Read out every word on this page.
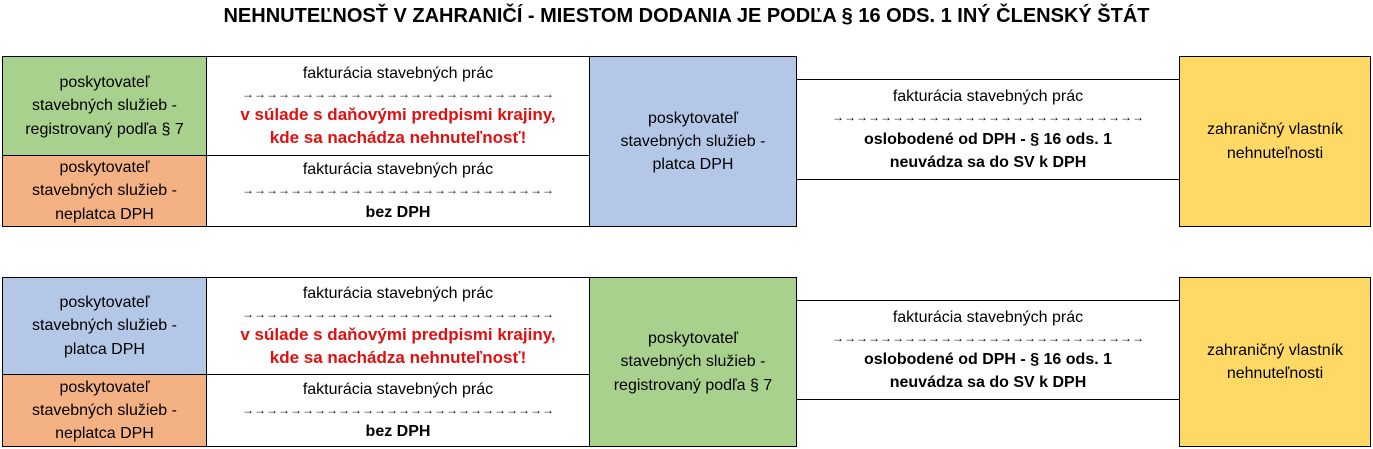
NEHNUTEĽNOSŤ V ZAHRANIČÍ - MIESTOM DODANIA JE PODĽA § 16 ODS. 1 INÝ ČLENSKÝ ŠTÁT
poskytovateľ
stavebných služieb -
registrovaný podľa § 7
poskytovateľ
stavebných služieb -
neplatca DPH
fakturácia stavebných prác
→→→→→→→→→→→→→→→→→→→→→→→→→→
v súlade s daňovými predpismi krajiny,
kde sa nachádza nehnuteľnosť!
fakturácia stavebných prác
→→→→→→→→→→→→→→→→→→→→→→→→→→
bez DPH
poskytovateľ
stavebných služieb -
platca DPH
fakturácia stavebných prác
→→→→→→→→→→→→→→→→→→→→→→→→→→
oslobodené od DPH - § 16 ods. 1
neuvádza sa do SV k DPH
zahraničný vlastník
nehnuteľnosti
poskytovateľ
stavebných služieb -
platca DPH
poskytovateľ
stavebných služieb -
neplatca DPH
fakturácia stavebných prác
→→→→→→→→→→→→→→→→→→→→→→→→→→
v súlade s daňovými predpismi krajiny,
kde sa nachádza nehnuteľnosť!
fakturácia stavebných prác
→→→→→→→→→→→→→→→→→→→→→→→→→→
bez DPH
poskytovateľ
stavebných služieb -
registrovaný podľa § 7
fakturácia stavebných prác
→→→→→→→→→→→→→→→→→→→→→→→→→→
oslobodené od DPH - § 16 ods. 1
neuvádza sa do SV k DPH
zahraničný vlastník
nehnuteľnosti
